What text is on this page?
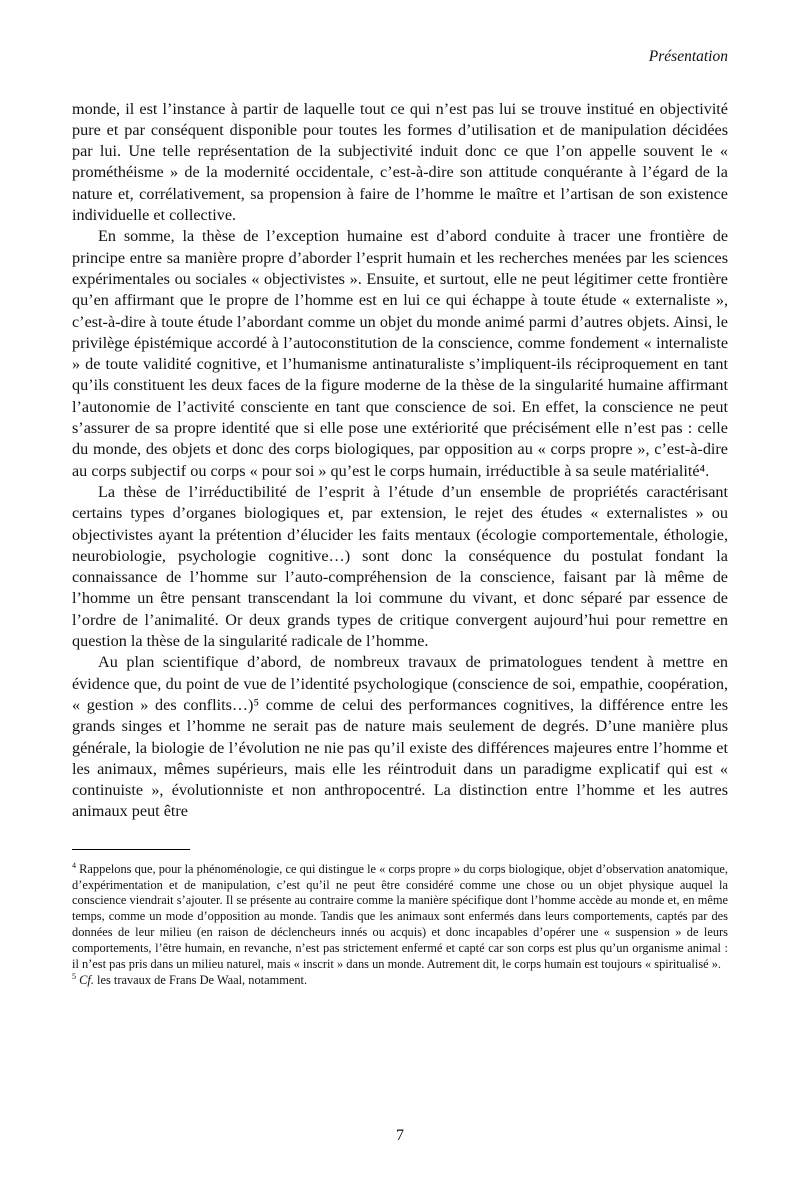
Présentation

monde, il est l’instance à partir de laquelle tout ce qui n’est pas lui se trouve institué en objectivité pure et par conséquent disponible pour toutes les formes d’utilisation et de manipulation décidées par lui. Une telle représentation de la subjectivité induit donc ce que l’on appelle souvent le « prométhéisme » de la modernité occidentale, c’est-à-dire son attitude conquérante à l’égard de la nature et, corrélativement, sa propension à faire de l’homme le maître et l’artisan de son existence individuelle et collective.

En somme, la thèse de l’exception humaine est d’abord conduite à tracer une frontière de principe entre sa manière propre d’aborder l’esprit humain et les recherches menées par les sciences expérimentales ou sociales « objectivistes ». Ensuite, et surtout, elle ne peut légitimer cette frontière qu’en affirmant que le propre de l’homme est en lui ce qui échappe à toute étude « externaliste », c’est-à-dire à toute étude l’abordant comme un objet du monde animé parmi d’autres objets. Ainsi, le privilège épistémique accordé à l’autoconstitution de la conscience, comme fondement « internaliste » de toute validité cognitive, et l’humanisme antinaturaliste s’impliquent-ils réciproquement en tant qu’ils constituent les deux faces de la figure moderne de la thèse de la singularité humaine affirmant l’autonomie de l’activité consciente en tant que conscience de soi. En effet, la conscience ne peut s’assurer de sa propre identité que si elle pose une extériorité que précisément elle n’est pas : celle du monde, des objets et donc des corps biologiques, par opposition au « corps propre », c’est-à-dire au corps subjectif ou corps « pour soi » qu’est le corps humain, irréductible à sa seule matérialité⁴.

La thèse de l’irréductibilité de l’esprit à l’étude d’un ensemble de propriétés caractérisant certains types d’organes biologiques et, par extension, le rejet des études « externalistes » ou objectivistes ayant la prétention d’élucider les faits mentaux (écologie comportementale, éthologie, neurobiologie, psychologie cognitive…) sont donc la conséquence du postulat fondant la connaissance de l’homme sur l’auto-compréhension de la conscience, faisant par là même de l’homme un être pensant transcendant la loi commune du vivant, et donc séparé par essence de l’ordre de l’animalité. Or deux grands types de critique convergent aujourd’hui pour remettre en question la thèse de la singularité radicale de l’homme.

Au plan scientifique d’abord, de nombreux travaux de primatologues tendent à mettre en évidence que, du point de vue de l’identité psychologique (conscience de soi, empathie, coopération, « gestion » des conflits…)⁵ comme de celui des performances cognitives, la différence entre les grands singes et l’homme ne serait pas de nature mais seulement de degrés. D’une manière plus générale, la biologie de l’évolution ne nie pas qu’il existe des différences majeures entre l’homme et les animaux, mêmes supérieurs, mais elle les réintroduit dans un paradigme explicatif qui est « continuiste », évolutionniste et non anthropocentré. La distinction entre l’homme et les autres animaux peut être

$^4$ Rappelons que, pour la phénoménologie, ce qui distingue le « corps propre » du corps biologique, objet d’observation anatomique, d’expérimentation et de manipulation, c’est qu’il ne peut être considéré comme une chose ou un objet physique auquel la conscience viendrait s’ajouter. Il se présente au contraire comme la manière spécifique dont l’homme accède au monde et, en même temps, comme un mode d’opposition au monde. Tandis que les animaux sont enfermés dans leurs comportements, captés par des données de leur milieu (en raison de déclencheurs innés ou acquis) et donc incapables d’opérer une « suspension » de leurs comportements, l’être humain, en revanche, n’est pas strictement enfermé et capté car son corps est plus qu’un organisme animal : il n’est pas pris dans un milieu naturel, mais « inscrit » dans un monde. Autrement dit, le corps humain est toujours « spiritualisé ».

$^5$ Cf. les travaux de Frans De Waal, notamment.

7
